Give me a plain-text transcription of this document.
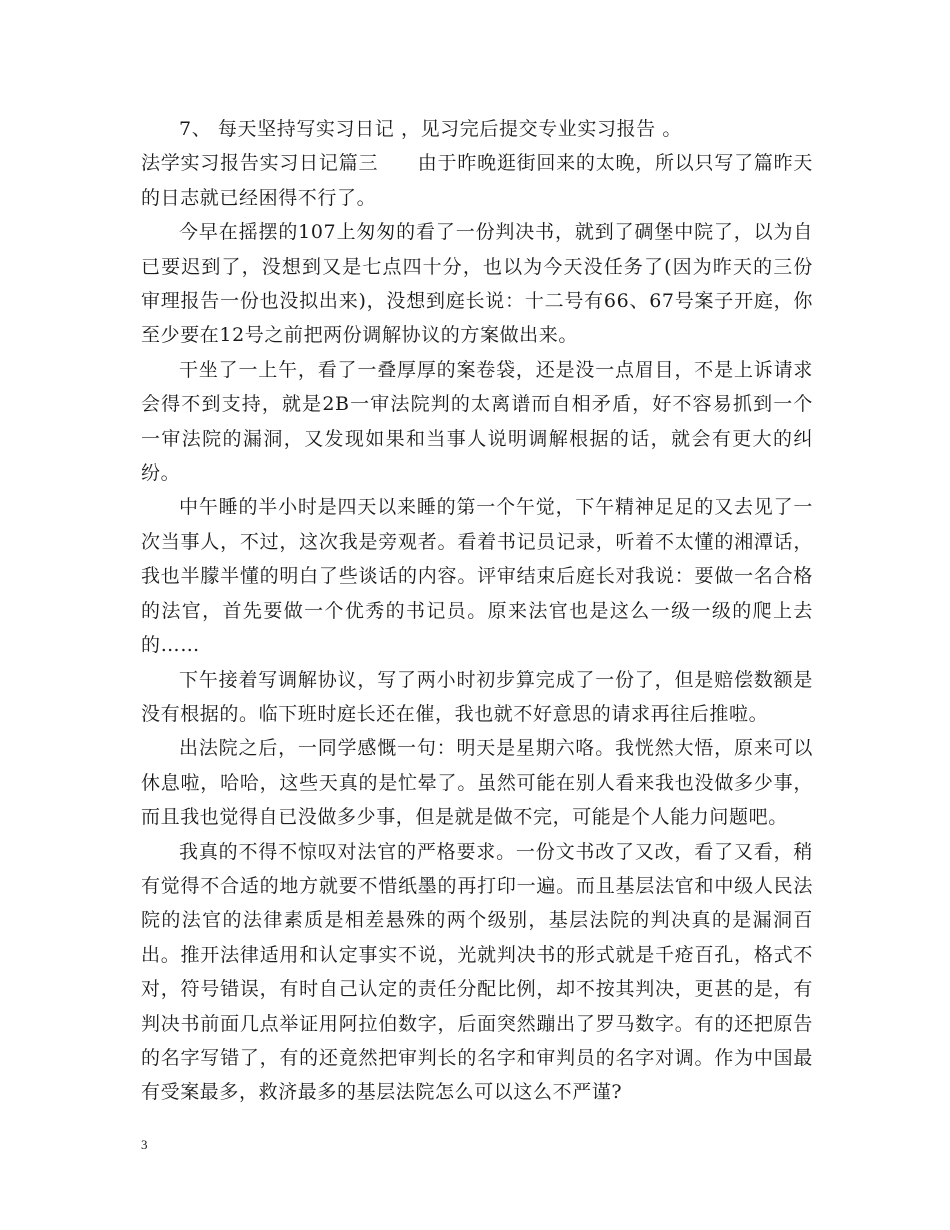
7、 每天坚持写实习日记 ，见习完后提交专业实习报告 。

法学实习报告实习日记篇三　　由于昨晚逛街回来的太晚，所以只写了篇昨天的日志就已经困得不行了。

今早在摇摆的107上匆匆的看了一份判决书，就到了碉堡中院了，以为自已要迟到了，没想到又是七点四十分，也以为今天没任务了(因为昨天的三份审理报告一份也没拟出来)，没想到庭长说：十二号有66、67号案子开庭，你至少要在12号之前把两份调解协议的方案做出来。

干坐了一上午，看了一叠厚厚的案卷袋，还是没一点眉目，不是上诉请求会得不到支持，就是2B一审法院判的太离谱而自相矛盾，好不容易抓到一个一审法院的漏洞，又发现如果和当事人说明调解根据的话，就会有更大的纠纷。

中午睡的半小时是四天以来睡的第一个午觉，下午精神足足的又去见了一次当事人，不过，这次我是旁观者。看着书记员记录，听着不太懂的湘潭话，我也半朦半懂的明白了些谈话的内容。评审结束后庭长对我说：要做一名合格的法官，首先要做一个优秀的书记员。原来法官也是这么一级一级的爬上去的……

下午接着写调解协议，写了两小时初步算完成了一份了，但是赔偿数额是没有根据的。临下班时庭长还在催，我也就不好意思的请求再往后推啦。

出法院之后，一同学感慨一句：明天是星期六咯。我恍然大悟，原来可以休息啦，哈哈，这些天真的是忙晕了。虽然可能在别人看来我也没做多少事，而且我也觉得自已没做多少事，但是就是做不完，可能是个人能力问题吧。

我真的不得不惊叹对法官的严格要求。一份文书改了又改，看了又看，稍有觉得不合适的地方就要不惜纸墨的再打印一遍。而且基层法官和中级人民法院的法官的法律素质是相差悬殊的两个级别，基层法院的判决真的是漏洞百出。推开法律适用和认定事实不说，光就判决书的形式就是千疮百孔，格式不对，符号错误，有时自己认定的责任分配比例，却不按其判决，更甚的是，有判决书前面几点举证用阿拉伯数字，后面突然蹦出了罗马数字。有的还把原告的名字写错了，有的还竟然把审判长的名字和审判员的名字对调。作为中国最有受案最多，救济最多的基层法院怎么可以这么不严谨?

3
